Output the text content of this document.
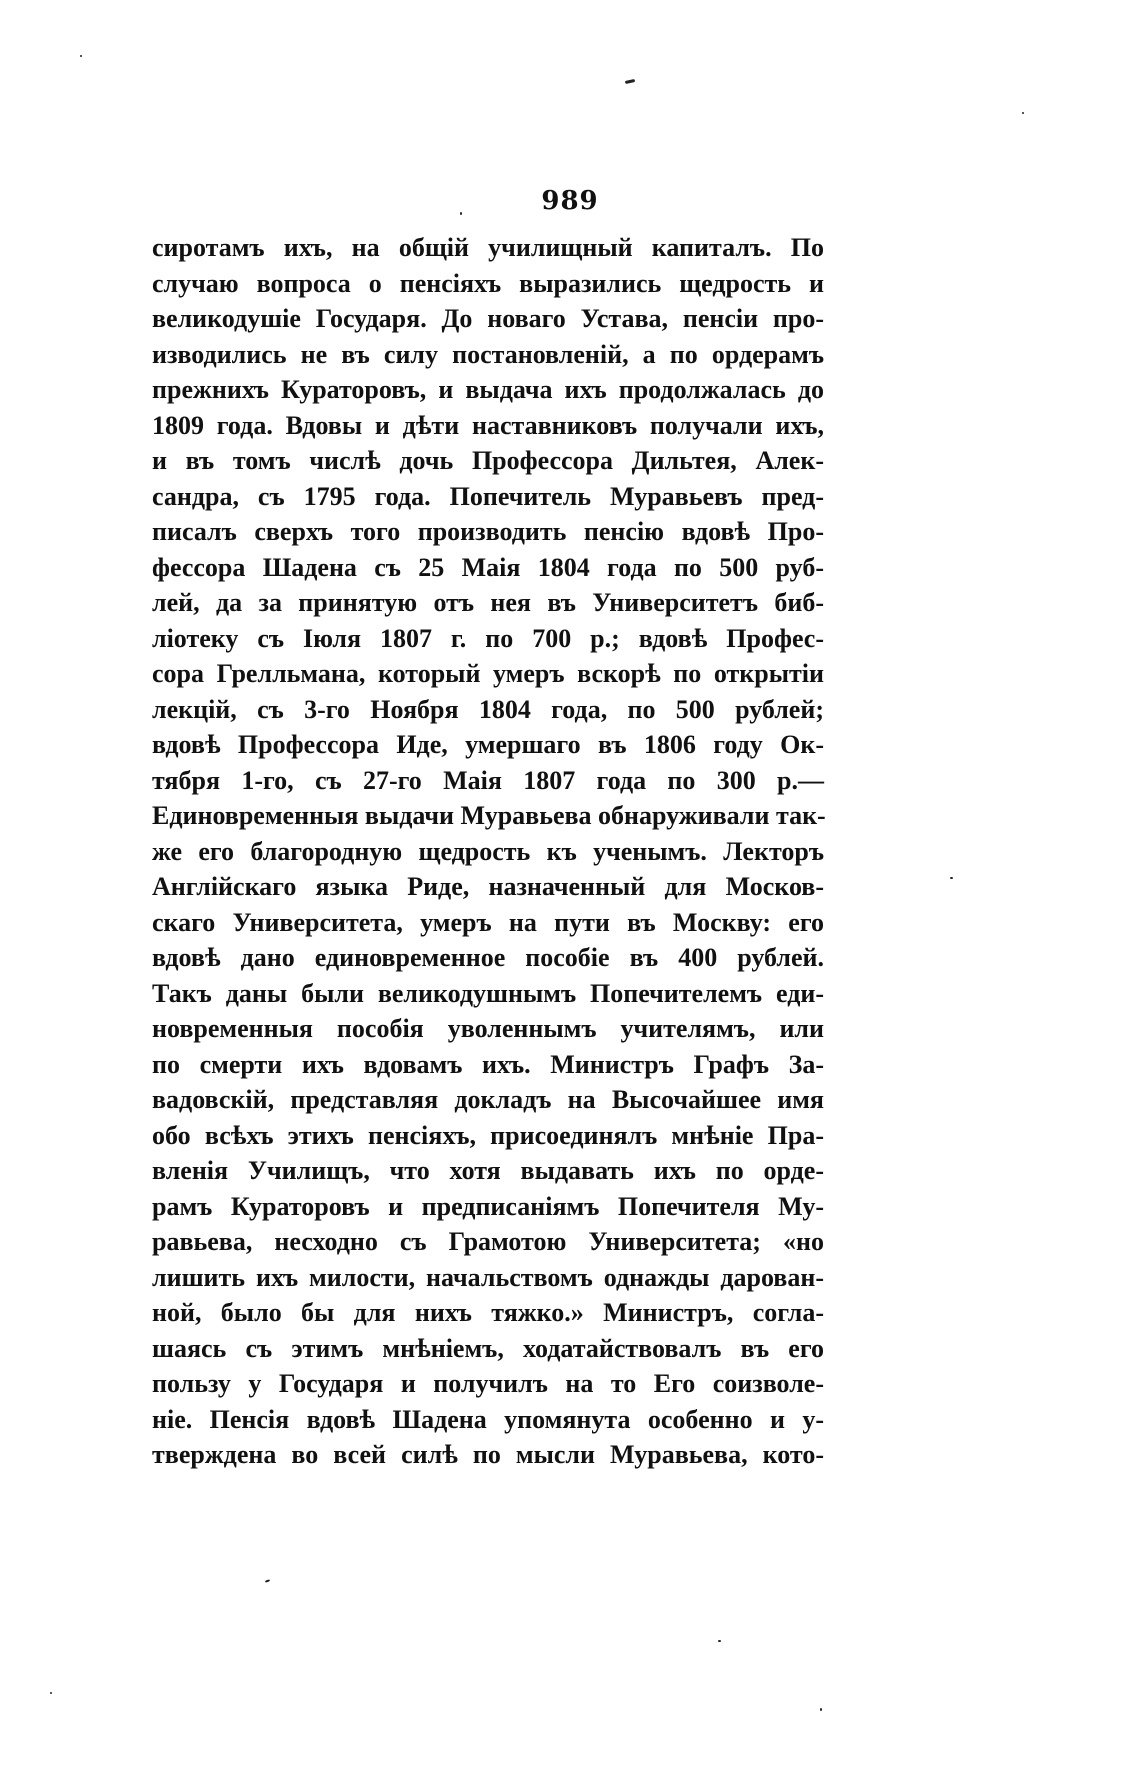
989
сиротамъ ихъ, на общій училищный капиталъ. По
случаю вопроса о пенсіяхъ выразились щедрость и
великодушіе Государя. До новаго Устава, пенсіи про-
изводились не въ силу постановленій, а по ордерамъ
прежнихъ Кураторовъ, и выдача ихъ продолжалась до
1809 года. Вдовы и дѣти наставниковъ получали ихъ,
и въ томъ числѣ дочь Профессора Дильтея, Алек-
сандра, съ 1795 года. Попечитель Муравьевъ пред-
писалъ сверхъ того производить пенсію вдовѣ Про-
фессора Шадена съ 25 Маія 1804 года по 500 руб-
лей, да за принятую отъ нея въ Университетъ биб-
ліотеку съ Іюля 1807 г. по 700 р.; вдовѣ Профес-
сора Грелльмана, который умеръ вскорѣ по открытіи
лекцій, съ 3-го Ноября 1804 года, по 500 рублей;
вдовѣ Профессора Иде, умершаго въ 1806 году Ок-
тября 1-го, съ 27-го Маія 1807 года по 300 р.—
Единовременныя выдачи Муравьева обнаруживали так-
же его благородную щедрость къ ученымъ. Лекторъ
Англійскаго языка Риде, назначенный для Москов-
скаго Университета, умеръ на пути въ Москву: его
вдовѣ дано единовременное пособіе въ 400 рублей.
Такъ даны были великодушнымъ Попечителемъ еди-
новременныя пособія уволеннымъ учителямъ, или
по смерти ихъ вдовамъ ихъ. Министръ Графъ За-
вадовскій, представляя докладъ на Высочайшее имя
обо всѣхъ этихъ пенсіяхъ, присоединялъ мнѣніе Пра-
вленія Училищъ, что хотя выдавать ихъ по орде-
рамъ Кураторовъ и предписаніямъ Попечителя Му-
равьева, несходно съ Грамотою Университета; «но
лишить ихъ милости, начальствомъ однажды дарован-
ной, было бы для нихъ тяжко.» Министръ, согла-
шаясь съ этимъ мнѣніемъ, ходатайствовалъ въ его
пользу у Государя и получилъ на то Его соизволе-
ніе. Пенсія вдовѣ Шадена упомянута особенно и у-
тверждена во всей силѣ по мысли Муравьева, кото-
